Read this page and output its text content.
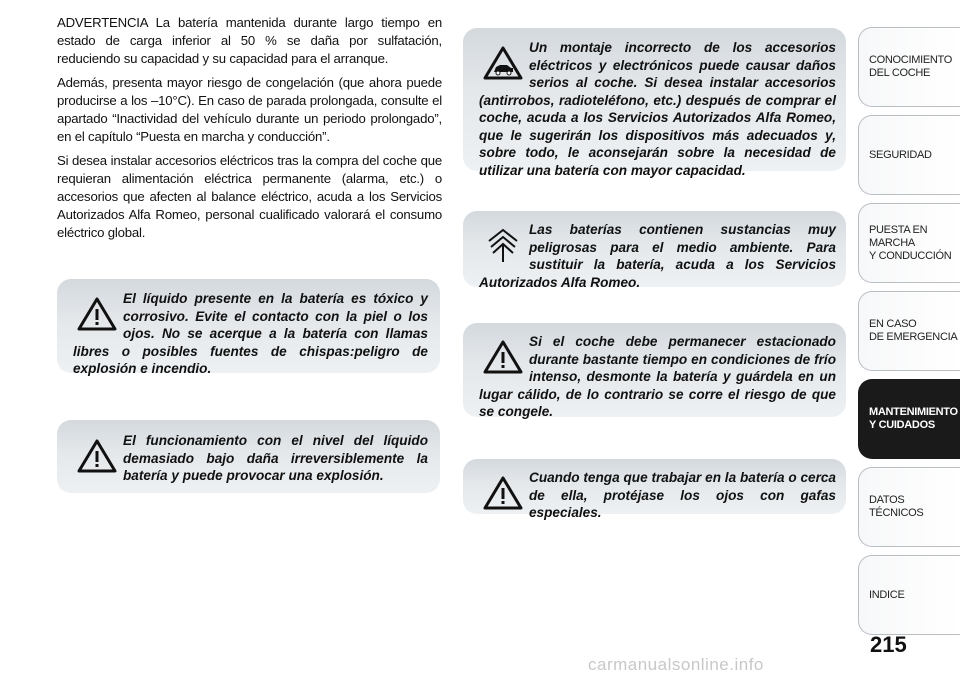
ADVERTENCIA La batería mantenida durante largo tiempo en estado de carga inferior al 50 % se daña por sulfatación, reduciendo su capacidad y su capacidad para el arranque.

Además, presenta mayor riesgo de congelación (que ahora puede producirse a los –10°C). En caso de parada prolongada, consulte el apartado “Inactividad del vehículo durante un periodo prolongado”, en el capítulo “Puesta en marcha y conducción”.

Si desea instalar accesorios eléctricos tras la compra del coche que requieran alimentación eléctrica permanente (alarma, etc.) o accesorios que afecten al balance eléctrico, acuda a los Servicios Autorizados Alfa Romeo, personal cualificado valorará el consumo eléctrico global.

El líquido presente en la batería es tóxico y corrosivo. Evite el contacto con la piel o los ojos. No se acerque a la batería con llamas libres o posibles fuentes de chispas:peligro de explosión e incendio.

El funcionamiento con el nivel del líquido demasiado bajo daña irreversiblemente la batería y puede provocar una explosión.

Un montaje incorrecto de los accesorios eléctricos y electrónicos puede causar daños serios al coche. Si desea instalar accesorios (antirrobos, radioteléfono, etc.) después de comprar el coche, acuda a los Servicios Autorizados Alfa Romeo, que le sugerirán los dispositivos más adecuados y, sobre todo, le aconsejarán sobre la necesidad de utilizar una batería con mayor capacidad.

Las baterías contienen sustancias muy peligrosas para el medio ambiente. Para sustituir la batería, acuda a los Servicios Autorizados Alfa Romeo.

Si el coche debe permanecer estacionado durante bastante tiempo en condiciones de frío intenso, desmonte la batería y guárdela en un lugar cálido, de lo contrario se corre el riesgo de que se congele.

Cuando tenga que trabajar en la batería o cerca de ella, protéjase los ojos con gafas especiales.

CONOCIMIENTO
DEL COCHE
SEGURIDAD
PUESTA EN MARCHA
Y CONDUCCIÓN
EN CASO
DE EMERGENCIA
MANTENIMIENTO
Y CUIDADOS
DATOS TÉCNICOS
INDICE
215
carmanualsonline.info
